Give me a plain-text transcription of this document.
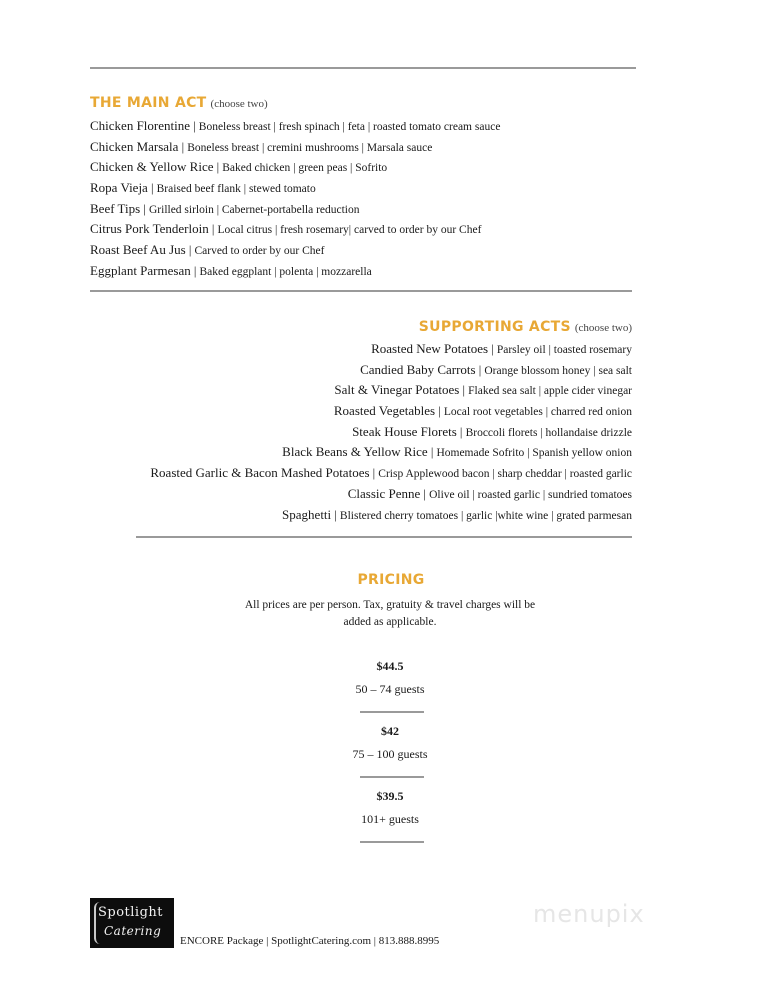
THE MAIN ACT (choose two)
Chicken Florentine | Boneless breast | fresh spinach | feta | roasted tomato cream sauce
Chicken Marsala | Boneless breast | cremini mushrooms | Marsala sauce
Chicken & Yellow Rice | Baked chicken | green peas | Sofrito
Ropa Vieja | Braised beef flank | stewed tomato
Beef Tips | Grilled sirloin | Cabernet-portabella reduction
Citrus Pork Tenderloin | Local citrus | fresh rosemary| carved to order by our Chef
Roast Beef Au Jus | Carved to order by our Chef
Eggplant Parmesan | Baked eggplant | polenta | mozzarella
SUPPORTING ACTS (choose two)
Roasted New Potatoes | Parsley oil | toasted rosemary
Candied Baby Carrots | Orange blossom honey | sea salt
Salt & Vinegar Potatoes | Flaked sea salt | apple cider vinegar
Roasted Vegetables | Local root vegetables | charred red onion
Steak House Florets | Broccoli florets | hollandaise drizzle
Black Beans & Yellow Rice | Homemade Sofrito | Spanish yellow onion
Roasted Garlic & Bacon Mashed Potatoes | Crisp Applewood bacon | sharp cheddar | roasted garlic
Classic Penne | Olive oil | roasted garlic | sundried tomatoes
Spaghetti | Blistered cherry tomatoes | garlic |white wine | grated parmesan
PRICING
All prices are per person. Tax, gratuity & travel charges will be
added as applicable.
$44.5
50 – 74 guests
$42
75 – 100 guests
$39.5
101+ guests
Spotlight
Catering
ENCORE Package | SpotlightCatering.com | 813.888.8995
menupix
